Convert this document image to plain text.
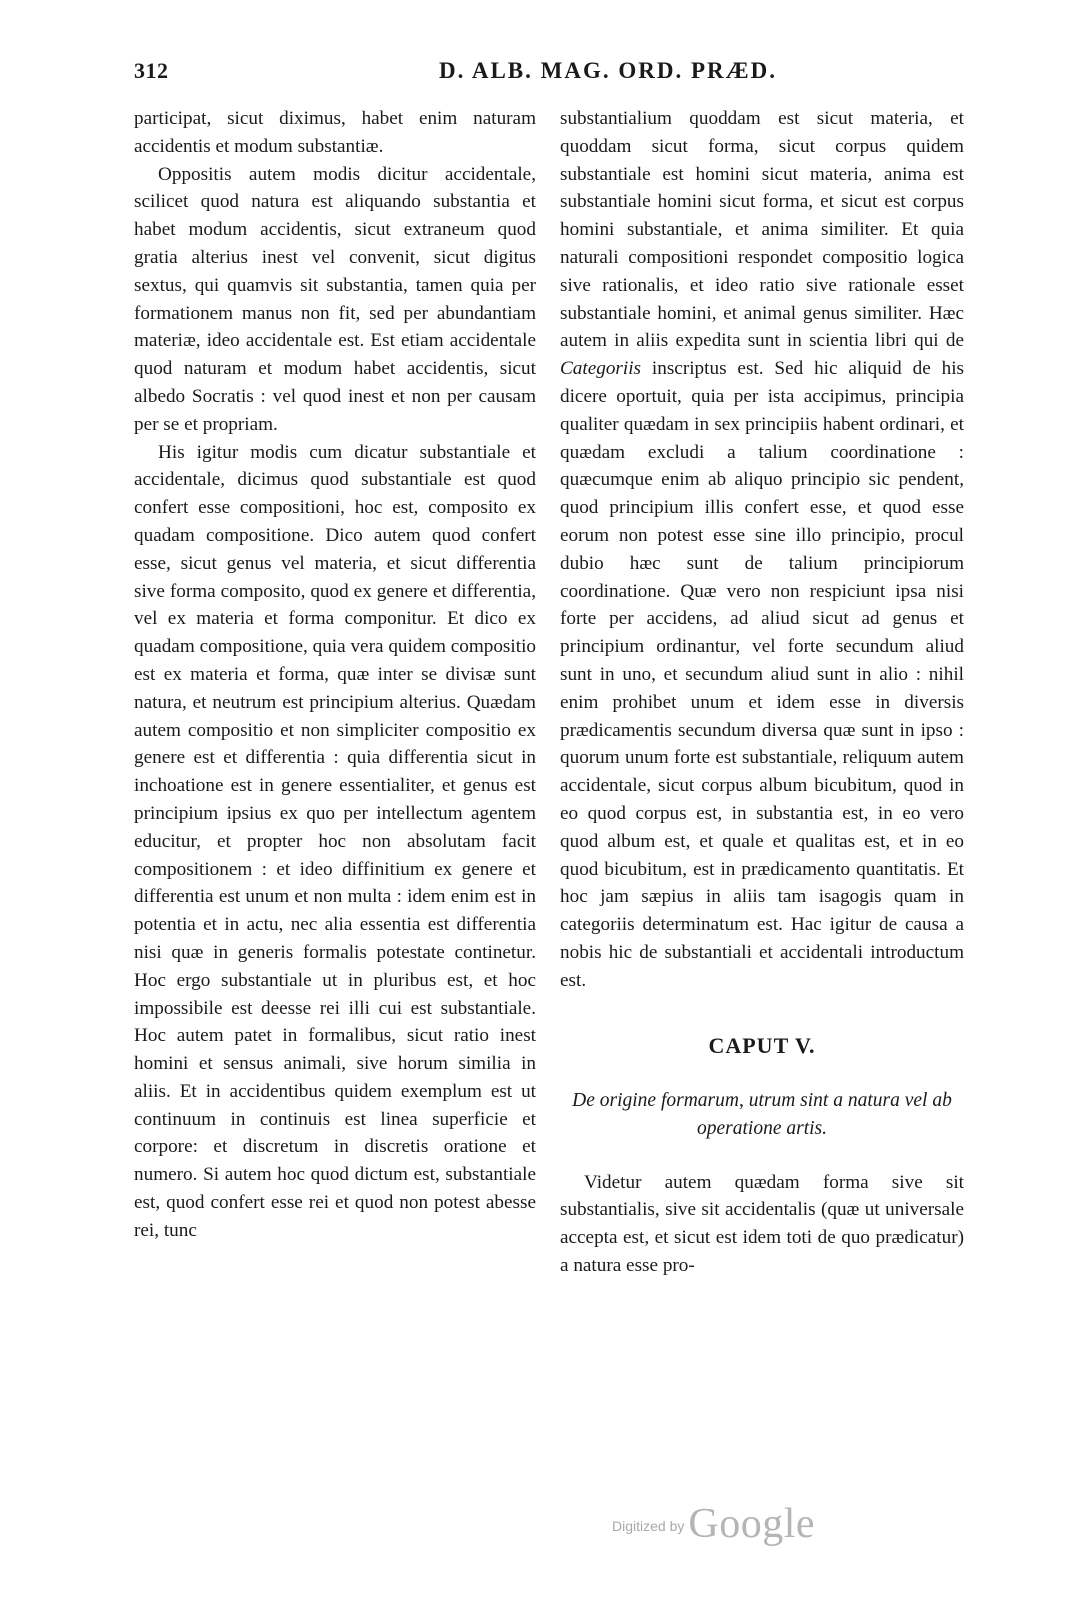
312	D. ALB. MAG. ORD. PRÆD.

participat, sicut diximus, habet enim naturam accidentis et modum substantiæ.

Oppositis autem modis dicitur accidentale, scilicet quod natura est aliquando substantia et habet modum accidentis, sicut extraneum quod gratia alterius inest vel convenit, sicut digitus sextus, qui quamvis sit substantia, tamen quia per formationem manus non fit, sed per abundantiam materiæ, ideo accidentale est. Est etiam accidentale quod naturam et modum habet accidentis, sicut albedo Socratis : vel quod inest et non per causam per se et propriam.

His igitur modis cum dicatur substantiale et accidentale, dicimus quod substantiale est quod confert esse compositioni, hoc est, composito ex quadam compositione. Dico autem quod confert esse, sicut genus vel materia, et sicut differentia sive forma composito, quod ex genere et differentia, vel ex materia et forma componitur. Et dico ex quadam compositione, quia vera quidem compositio est ex materia et forma, quæ inter se divisæ sunt natura, et neutrum est principium alterius. Quædam autem compositio et non simpliciter compositio ex genere est et differentia : quia differentia sicut in inchoatione est in genere essentialiter, et genus est principium ipsius ex quo per intellectum agentem educitur, et propter hoc non absolutam facit compositionem : et ideo diffinitium ex genere et differentia est unum et non multa : idem enim est in potentia et in actu, nec alia essentia est differentia nisi quæ in generis formalis potestate continetur. Hoc ergo substantiale ut in pluribus est, et hoc impossibile est deesse rei illi cui est substantiale. Hoc autem patet in formalibus, sicut ratio inest homini et sensus animali, sive horum similia in aliis. Et in accidentibus quidem exemplum est ut continuum in continuis est linea superficie et corpore: et discretum in discretis oratione et numero. Si autem hoc quod dictum est, substantiale est, quod confert esse rei et quod non potest abesse rei, tunc

substantialium quoddam est sicut materia, et quoddam sicut forma, sicut corpus quidem substantiale est homini sicut materia, anima est substantiale homini sicut forma, et sicut est corpus homini substantiale, et anima similiter. Et quia naturali compositioni respondet compositio logica sive rationalis, et ideo ratio sive rationale esset substantiale homini, et animal genus similiter. Hæc autem in aliis expedita sunt in scientia libri qui de Categoriis inscriptus est. Sed hic aliquid de his dicere oportuit, quia per ista accipimus, principia qualiter quædam in sex principiis habent ordinari, et quædam excludi a talium coordinatione : quæcumque enim ab aliquo principio sic pendent, quod principium illis confert esse, et quod esse eorum non potest esse sine illo principio, procul dubio hæc sunt de talium principiorum coordinatione. Quæ vero non respiciunt ipsa nisi forte per accidens, ad aliud sicut ad genus et principium ordinantur, vel forte secundum aliud sunt in uno, et secundum aliud sunt in alio : nihil enim prohibet unum et idem esse in diversis prædicamentis secundum diversa quæ sunt in ipso : quorum unum forte est substantiale, reliquum autem accidentale, sicut corpus album bicubitum, quod in eo quod corpus est, in substantia est, in eo vero quod album est, et quale et qualitas est, et in eo quod bicubitum, est in prædicamento quantitatis. Et hoc jam sæpius in aliis tam isagogis quam in categoriis determinatum est. Hac igitur de causa a nobis hic de substantiali et accidentali introductum est.

CAPUT V.
De origine formarum, utrum sint a natura vel ab operatione artis.

Videtur autem quædam forma sive sit substantialis, sive sit accidentalis (quæ ut universale accepta est, et sicut est idem toti de quo prædicatur) a natura esse pro-

Digitized by Google
